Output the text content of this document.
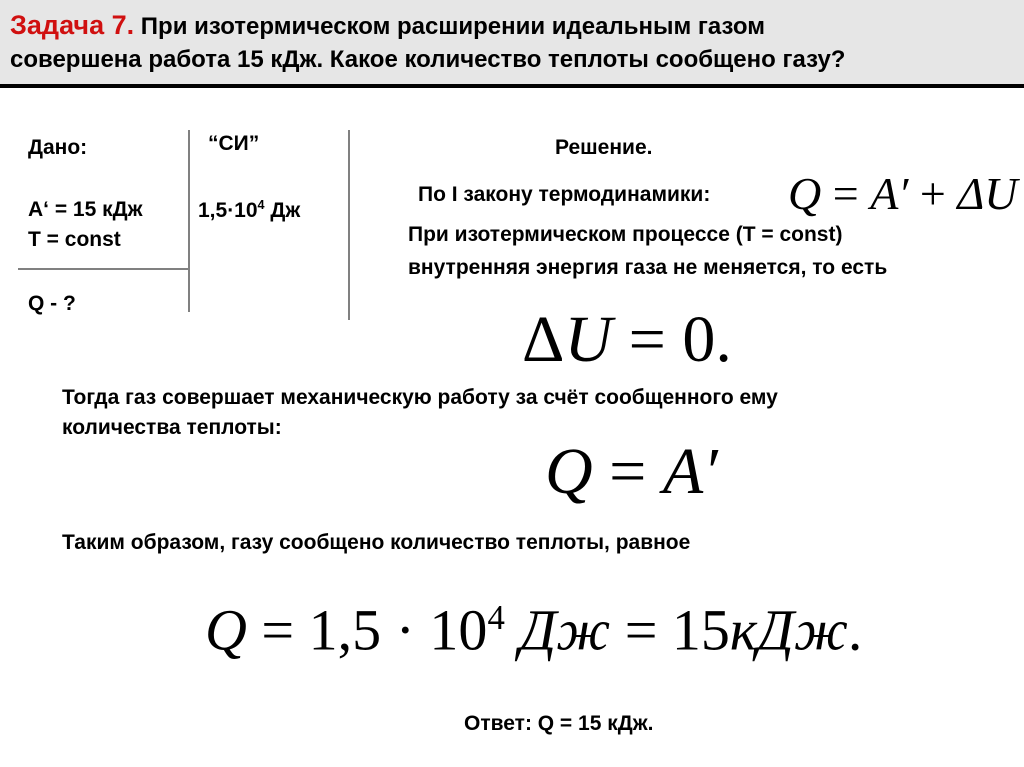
Задача 7. При изотермическом расширении идеальным газом
совершена работа 15 кДж. Какое количество теплоты сообщено газу?
Дано:
A‘ = 15 кДж
T = const
Q - ?
“СИ”
$1,5\cdot 10^4$ Дж
Решение.
По I закону термодинамики: Q = A′ + ΔU
При изотермическом процессе (T = const)
внутренняя энергия газа не меняется, то есть
ΔU = 0.
Тогда газ совершает механическую работу за счёт сообщенного ему
количества теплоты:
Q = A′
Таким образом, газу сообщено количество теплоты, равное
$Q = 1,5 \cdot 10^4$ Дж = 15кДж.
Ответ: Q = 15 кДж.
